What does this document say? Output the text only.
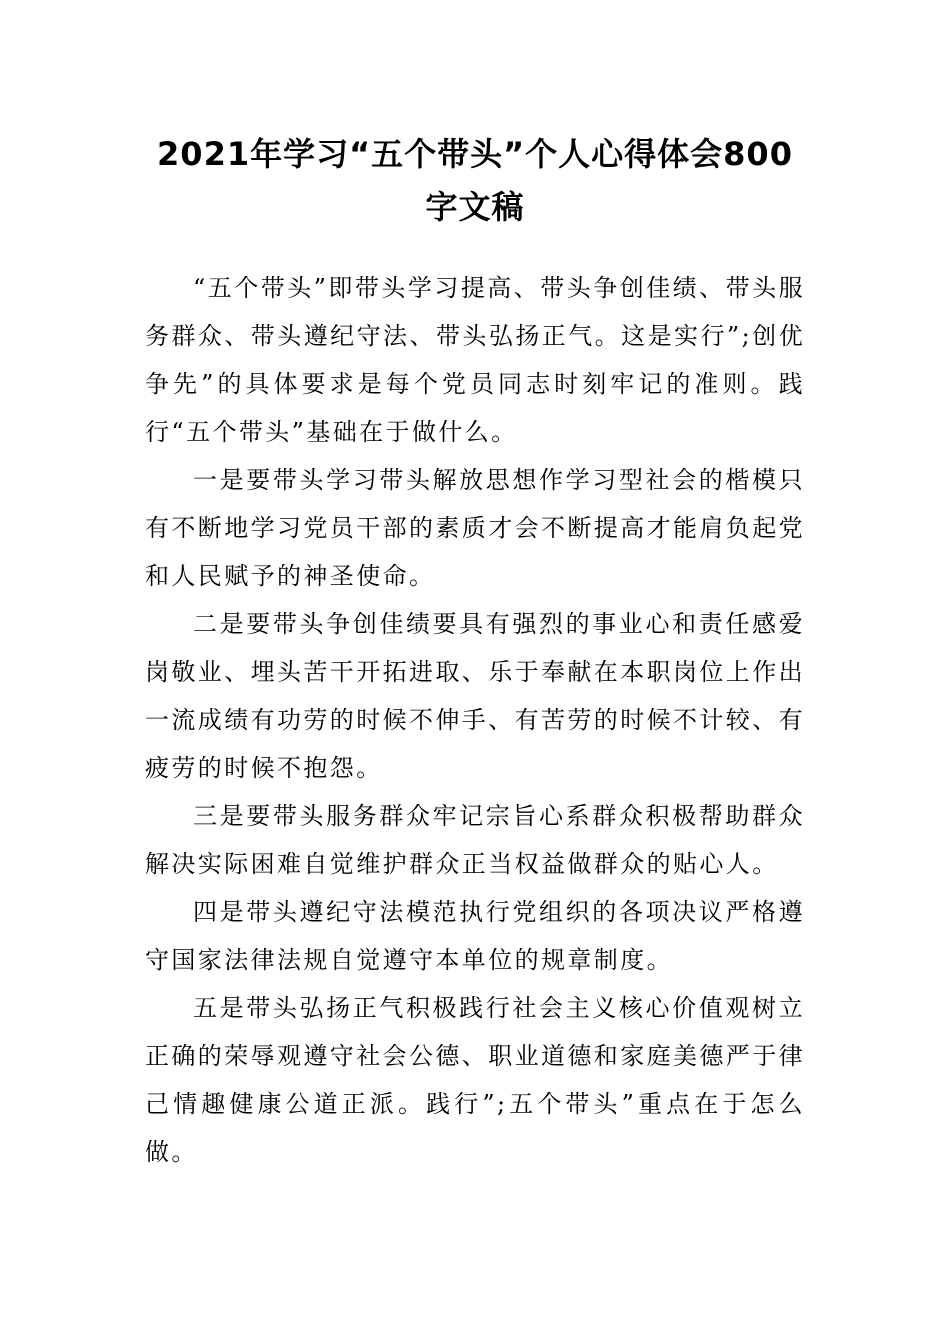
2021年学习“五个带头”个人心得体会800字文稿

“五个带头”即带头学习提高、带头争创佳绩、带头服务群众、带头遵纪守法、带头弘扬正气。这是实行”;创优争先”的具体要求是每个党员同志时刻牢记的准则。践行“五个带头”基础在于做什么。

一是要带头学习带头解放思想作学习型社会的楷模只有不断地学习党员干部的素质才会不断提高才能肩负起党和人民赋予的神圣使命。

二是要带头争创佳绩要具有强烈的事业心和责任感爱岗敬业、埋头苦干开拓进取、乐于奉献在本职岗位上作出一流成绩有功劳的时候不伸手、有苦劳的时候不计较、有疲劳的时候不抱怨。

三是要带头服务群众牢记宗旨心系群众积极帮助群众解决实际困难自觉维护群众正当权益做群众的贴心人。

四是带头遵纪守法模范执行党组织的各项决议严格遵守国家法律法规自觉遵守本单位的规章制度。

五是带头弘扬正气积极践行社会主义核心价值观树立正确的荣辱观遵守社会公德、职业道德和家庭美德严于律己情趣健康公道正派。践行”;五个带头”重点在于怎么做。
